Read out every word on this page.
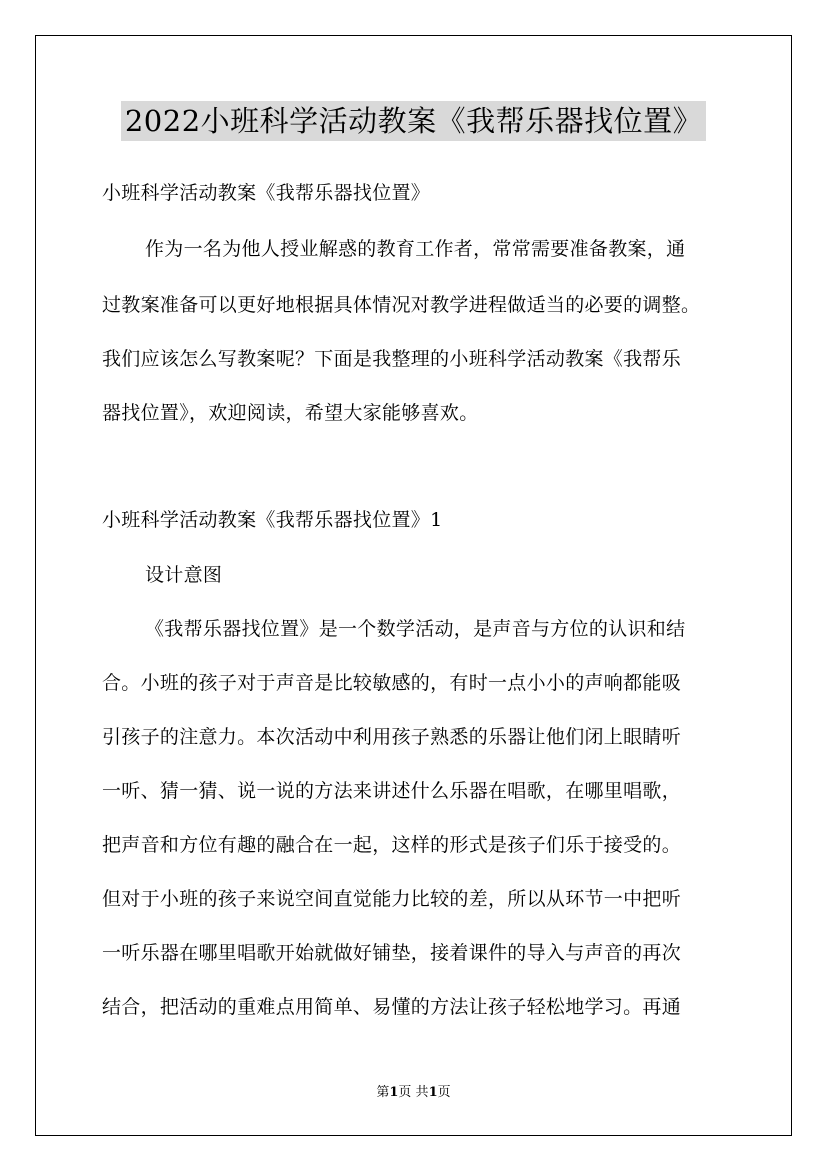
2022小班科学活动教案《我帮乐器找位置》
小班科学活动教案《我帮乐器找位置》
作为一名为他人授业解惑的教育工作者，常常需要准备教案，通
过教案准备可以更好地根据具体情况对教学进程做适当的必要的调整。
我们应该怎么写教案呢？下面是我整理的小班科学活动教案《我帮乐
器找位置》，欢迎阅读，希望大家能够喜欢。
小班科学活动教案《我帮乐器找位置》1
设计意图
《我帮乐器找位置》是一个数学活动，是声音与方位的认识和结
合。小班的孩子对于声音是比较敏感的，有时一点小小的声响都能吸
引孩子的注意力。本次活动中利用孩子熟悉的乐器让他们闭上眼睛听
一听、猜一猜、说一说的方法来讲述什么乐器在唱歌，在哪里唱歌，
把声音和方位有趣的融合在一起，这样的形式是孩子们乐于接受的。
但对于小班的孩子来说空间直觉能力比较的差，所以从环节一中把听
一听乐器在哪里唱歌开始就做好铺垫，接着课件的导入与声音的再次
结合，把活动的重难点用简单、易懂的方法让孩子轻松地学习。再通
第1页 共1页
